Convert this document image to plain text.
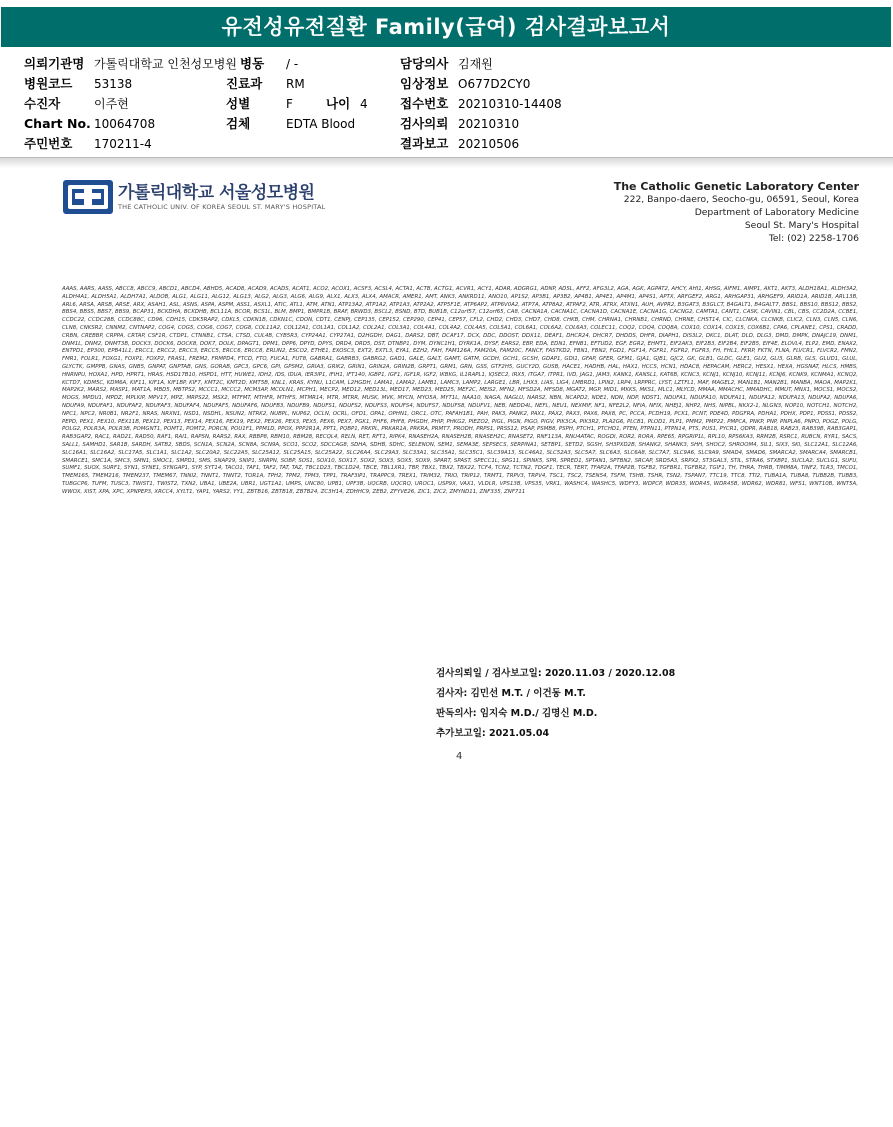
유전성유전질환 Family(급여) 검사결과보고서
의뢰기관명 가톨릭대학교 인천성모병원 병동 / -	담당의사 김재원
병원코드 53138	진료과 RM	임상정보 O677D2CY0
수진자	이주현	성별	F	나이 4	접수번호 20210310-14408
Chart No. 10064708	검체	EDTA Blood	검사의뢰 20210310
주민번호 170211-4	결과보고 20210506
가톨릭대학교 서울성모병원
THE CATHOLIC UNIV. OF KOREA SEOUL ST. MARY'S HOSPITAL
The Catholic Genetic Laboratory Center
222, Banpo-daero, Seocho-gu, 06591, Seoul, Korea
Department of Laboratory Medicine
Seoul St. Mary's Hospital
Tel: (02) 2258-1706
AAAS, AARS, AASS, ABCC8, ABCC9, ABCD1, ABCD4, ABHD5, ACAD8, ACAD9, ACADS, ACAT1, ACO2, ACOX1, ACSF3, ACSL4, ACTA1, ACTB, ACTG1, ACVR1, ACY1, ADAR, ADGRG1, ADNP, ADSL, AFF2, AFG3L2, AGA, AGK, AGPAT2, AHCY, AHI1, AHSG, AIFM1, AIMP1, AKT1, AKT3, ALDH18A1, ALDH3A2, ALDH4A1, ALDH5A1, ALDH7A1, ALDOB, ALG1, ALG11, ALG12, ALG13, ALG2, ALG3, ALG6, ALG9, ALX1, ALX3, ALX4, AMACR, AMER1, AMT, ANK3, ANKRD11, ANO10, AP1S2, AP3B1, AP3B2, AP4B1, AP4E1, AP4M1, AP4S1, APTX, ARFGEF2, ARG1, ARHGAP31, ARHGEF9, ARID1A, ARID1B, ARL13B, ARL6, ARSA, ARSB, ARSE, ARX, ASAH1, ASL, ASNS, ASPA, ASPM, ASS1, ASXL1, ATIC, ATL1, ATM, ATN1, ATP13A2, ATP1A2, ATP1A3, ATP2A2, ATP5F1E, ATP6AP2, ATP6V0A2, ATP7A, ATP8A2, ATPAF2, ATR, ATRX, ATXN1, AUH, AVPR2, B3GAT3, B3GLCT, B4GALT1, B4GALT7, BBS1, BBS10, BBS12, BBS2, BBS4, BBS5, BBS7, BBS9, BCAP31, BCKDHA, BCKDHB, BCL11A, BCOR, BCS1L, BLM, BMP1, BMPR1B, BRAF, BRWD3, BSCL2, BSND, BTD, BUB1B, C12orf57, C12orf65, CA8, CACNA1A, CACNA1C, CACNA1D, CACNA1E, CACNA1G, CACNG2, CAMTA1, CANT1, CASK, CAVIN1, CBL, CBS, CC2D2A, CCBE1, CCDC22, CCDC28B, CCDC88C, CD96, CDH15, CDK5RAP2, CDKL5, CDKN1B, CDKN1C, CDON, CDT1, CENPJ, CEP135, CEP152, CEP290, CEP41, CEP57, CFL2, CHD2, CHD3, CHD7, CHD8, CHKB, CHM, CHRNA1, CHRNB1, CHRND, CHRNE, CHST14, CIC, CLCNKA, CLCNKB, CLIC2, CLN3, CLN5, CLN6, CLN8, CNKSR2, CNNM2, CNTNAP2, COG4, COG5, COG6, COG7, COG8, COL11A2, COL12A1, COL1A1, COL1A2, COL2A1, COL3A1, COL4A1, COL4A2, COL4A5, COL5A1, COL6A1, COL6A2, COL6A3, COLEC11, COQ2, COQ4, COQ8A, COX10, COX14, COX15, COX6B1, CPA6, CPLANE1, CPS1, CRADD, CRBN, CREBBP, CRPPA, CRTAP, CSF1R, CTDP1, CTNNB1, CTSA, CTSD, CUL4B, CYB5R3, CYP24A1, CYP27A1, D2HGDH, DAG1, DARS2, DBT, DCAF17, DCX, DDC, DDOST, DDX11, DEAF1, DHCR24, DHCR7, DHDDS, DHFR, DIAPH1, DIS3L2, DKC1, DLAT, DLD, DLG3, DMD, DMPK, DNAJC19, DNM1, DNM1L, DNM2, DNMT3B, DOCK3, DOCK6, DOCK8, DOK7, DOLK, DPAGT1, DPM1, DPP6, DPYD, DPYS, DRD4, DRD5, DST, DTNBP1, DYM, DYNC1H1, DYRK1A, DYSF, EARS2, EBP, EDA, EDN1, EFNB1, EFTUD2, EGF, EGR2, EHMT1, EIF2AK3, EIF2B3, EIF2B4, EIF2B5, EIF4E, ELOVL4, ELP2, EMD, ENAX2, ENTPD1, EP300, EPB41L1, ERCC1, ERCC2, ERCC3, ERCC5, ERCC6, ERCC8, ERLIN2, ESCO2, ETHE1, EXOSC3, EXT2, EXTL3, EYA1, EZH2, FAH, FAM126A, FAM20A, FAM20C, FANCF, FASTKD2, FBN1, FBN2, FGD1, FGF14, FGFR1, FGFR2, FGFR3, FH, FHL1, FKRP, FKTN, FLNA, FLVCR1, FLVCR2, FMN2, FMR1, FOLR1, FOXG1, FOXP1, FOXP2, FRAS1, FREM2, FRMPD4, FTCD, FTO, FUCA1, FUT8, GABRA1, GABRB3, GABRG2, GAD1, GALE, GALT, GAMT, GATM, GCDH, GCH1, GCSH, GDAP1, GDI1, GFAP, GFER, GFM1, GJA1, GJB1, GJC2, GK, GLB1, GLDC, GLE1, GLI2, GLI3, GLRB, GLS, GLUD1, GLUL, GLYCTK, GMPPB, GNAS, GNB5, GNPAT, GNPTAB, GNS, GORAB, GPC3, GPC6, GPI, GPSM2, GRIA3, GRIK2, GRIN1, GRIN2A, GRIN2B, GRPT1, GRM1, GRN, GSS, GTF2H5, GUCY2D, GUSB, HACE1, HADHB, HAL, HAX1, HCCS, HCN1, HDAC8, HEPACAM, HERC2, HESX1, HEXA, HGSNAT, HLCS, HMBS, HNRNPU, HOXA1, HPD, HPRT1, HRAS, HSD17B10, HSPD1, HTT, HUWE1, IDH2, IDS, IDUA, IER3IP1, IFIH1, IFT140, IGBP1, IGF1, IGF1R, IGF2, IKBKG, IL1RAPL1, IQSEC2, IRX5, ITGA7, ITPR1, IVD, JAG1, JAM3, KANK1, KANSL1, KAT6B, KCNC3, KCNJ1, KCNJ10, KCNJ11, KCNJ6, KCNK9, KCNMA1, KCNQ2, KCTD7, KDM5C, KDM6A, KIF11, KIF1A, KIF1BP, KIF7, KMT2C, KMT2D, KMT5B, KNL1, KRAS, KYNU, L1CAM, L2HGDH, LAMA1, LAMA2, LAMB1, LAMC3, LAMP2, LARGE1, LBR, LHX3, LIAS, LIG4, LMBRD1, LPIN2, LRP4, LRPPRC, LYST, LZTFL1, MAF, MAGEL2, MAN1B1, MAN2B1, MANBA, MAOA, MAP2K1, MAP2K2, MARS2, MASP1, MAT1A, MBD5, MBTPS2, MCCC1, MCCC2, MCM3AP, MCOLN1, MCPH1, MECP2, MED12, MED13L, MED17, MED23, MED25, MEF2C, MEIS2, MFN2, MFSD2A, MFSD8, MGAT2, MGP, MID1, MKKS, MKS1, MLC1, MLYCD, MMAA, MMACHC, MMADHC, MMUT, MNX1, MOCS1, MOCS2, MOGS, MPDU1, MPDZ, MPLKIP, MPV17, MPZ, MRPS22, MSX2, MTFMT, MTHFR, MTHFS, MTMR14, MTR, MTRR, MUSK, MVK, MYCN, MYO5A, MYT1L, NAA10, NAGA, NAGLU, NARS2, NBN, NCAPD2, NDE1, NDN, NDP, NDST1, NDUFA1, NDUFA10, NDUFA11, NDUFA12, NDUFA13, NDUFA2, NDUFA6, NDUFA9, NDUFAF1, NDUFAF2, NDUFAF3, NDUFAF4, NDUFAF5, NDUFAF6, NDUFB3, NDUFB9, NDUFS1, NDUFS2, NDUFS3, NDUFS4, NDUFS7, NDUFS8, NDUFV1, NEB, NEDD4L, NEFL, NEU1, NEXMIF, NF1, NFE2L2, NFIA, NFIX, NHEJ1, NHP2, NHS, NIPBL, NKX2-1, NLGN3, NOP10, NOTCH1, NOTCH2, NPC1, NPC2, NR0B1, NR2F1, NRAS, NRXN1, NSD1, NSDHL, NSUN2, NTRK2, NUBPL, NUP62, OCLN, OCRL, OFD1, OPA1, OPHN1, ORC1, OTC, PAFAH1B1, PAH, PAK3, PANK2, PAX1, PAX2, PAX3, PAX6, PAX8, PC, PCCA, PCDH19, PCK1, PCNT, PDE4D, PDGFRA, PDHA1, PDHX, PDP1, PDSS1, PDSS2, PEPD, PEX1, PEX10, PEX11B, PEX12, PEX13, PEX14, PEX16, PEX19, PEX2, PEX26, PEX3, PEX5, PEX6, PEX7, PGK1, PHF6, PHF8, PHGDH, PHIP, PHKG2, PIEZO2, PIGL, PIGN, PIGO, PIGV, PIK3CA, PIK3R2, PLA2G6, PLCB1, PLOD1, PLP1, PMM2, PMP22, PMPCA, PNKP, PNP, PNPLA6, PNPO, POGZ, POLG, POLG2, POLR3A, POLR3B, POMGNT1, POMT1, POMT2, PORCN, POU1F1, PPM1D, PPOX, PPP2R1A, PPT1, PQBP1, PRKPL, PRKAR1A, PRKRA, PRMT7, PRODH, PRPS1, PRSS12, PSAP, PSMB8, PSPH, PTCH1, PTCHD1, PTEN, PTPN11, PTPN14, PTS, PUS1, PYCR1, QDPR, RAB18, RAB23, RAB39B, RAB3GAP1, RAB3GAP2, RAC1, RAD21, RAD50, RAF1, RAI1, RAPSN, RARS2, RAX, RBBP8, RBM10, RBM28, RECQL4, RELN, RET, RFT1, RIPK4, RNASEH2A, RNASEH2B, RNASEH2C, RNASET2, RNF113A, RNU4ATAC, ROGDI, ROR2, RORA, RPE65, RPGRIP1L, RPL10, RPS6KA3, RRM2B, RSRC1, RUBCN, RYR1, SACS, SALL1, SAMHD1, SAR1B, SARDH, SATB2, SBDS, SCN1A, SCN2A, SCN8A, SCN9A, SCO1, SCO2, SDCCAG8, SDHA, SDHB, SDHC, SELENON, SEM1, SEMA3E, SEPSECS, SERPINA1, SETBP1, SETD2, SGSH, SH3PXD2B, SHANK2, SHANK3, SHH, SHOC2, SHROOM4, SIL1, SIX3, SKI, SLC12A1, SLC12A6, SLC16A1, SLC16A2, SLC17A5, SLC1A1, SLC1A2, SLC20A2, SLC22A5, SLC25A12, SLC25A15, SLC25A22, SLC26A4, SLC29A3, SLC33A1, SLC35A1, SLC35C1, SLC39A13, SLC46A1, SLC52A3, SLC5A7, SLC6A3, SLC6A8, SLC7A7, SLC9A6, SLC9A9, SMAD4, SMAD6, SMARCA2, SMARCA4, SMARCB1, SMARCE1, SMC1A, SMC3, SMN1, SMOC1, SMPD1, SMS, SNAP29, SNIP1, SNRPN, SOBP, SOS1, SOX10, SOX17, SOX2, SOX3, SOX5, SOX9, SPART, SPAST, SPECC1L, SPG11, SPINK5, SPR, SPRED1, SPTAN1, SPTBN2, SRCAP, SRD5A3, SRPX2, ST3GAL3, STIL, STRA6, STXBP1, SUCLA2, SUCLG1, SUFU, SUMF1, SUOX, SURF1, SYN1, SYNE1, SYNGAP1, SYP, SYT14, TACO1, TAF1, TAF2, TAT, TAZ, TBC1D23, TBC1D24, TBCE, TBL1XR1, TBP, TBX1, TBX2, TBX22, TCF4, TCN2, TCTN2, TDGF1, TECR, TERT, TFAP2A, TFAP2B, TGFB2, TGFBR1, TGFBR2, TGIF1, TH, THRA, THRB, TIMM8A, TINF2, TLR3, TMCO1, TMEM165, TMEM216, TMEM237, TMEM67, TNNI2, TNNT1, TNNT2, TOR1A, TPH2, TPM2, TPM3, TPP1, TRAF3IP1, TRAPPC9, TREX1, TRIM32, TRIO, TRIP12, TRMT1, TRPV3, TRPV4, TSC1, TSC2, TSEN54, TSFM, TSHB, TSHR, TSN2, TSPAN7, TTC19, TTC8, TTI2, TUBA1A, TUBA8, TUBB2B, TUBB3, TUBGCP6, TUFM, TUSC3, TWIST1, TWIST2, TXN2, UBA1, UBE2A, UBR1, UGT1A1, UMPS, UNC80, UPB1, UPF3B, UQCRB, UQCRQ, UROC1, USP9X, VAX1, VLDLR, VPS13B, VPS35, VRK1, WASHC4, WASHC5, WDFY3, WDPCP, WDR35, WDR45, WDR45B, WDR62, WDR81, WFS1, WNT10B, WNT5A, WWOX, XIST, XPA, XPC, XPNPEP3, XRCC4, XYLT1, YAP1, YARS2, YY1, ZBTB16, ZBTB18, ZBTB24, ZC3H14, ZDHHC9, ZEB2, ZFYVE26, ZIC1, ZIC2, ZMYND11, ZNF335, ZNF711
검사의뢰일 / 검사보고일: 2020.11.03 / 2020.12.08
검사자: 김민선 M.T. / 이건동 M.T.
판독의사: 임지숙 M.D./ 김명신 M.D.
추가보고일: 2021.05.04
4
